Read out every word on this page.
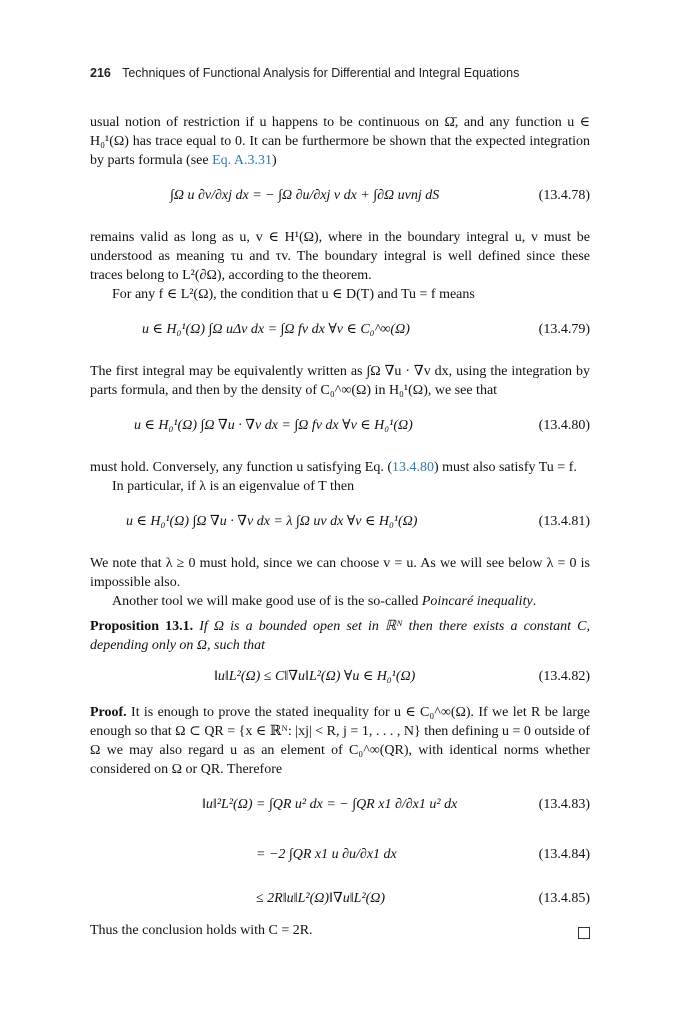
216 Techniques of Functional Analysis for Differential and Integral Equations

usual notion of restriction if u happens to be continuous on Ω̄, and any function u ∈ H₀¹(Ω) has trace equal to 0. It can be furthermore be shown that the expected integration by parts formula (see Eq. A.3.31)

∫Ω u ∂v/∂xj dx = − ∫Ω ∂u/∂xj v dx + ∫∂Ω uvnj dS	(13.4.78)

remains valid as long as u, v ∈ H¹(Ω), where in the boundary integral u, v must be understood as meaning τu and τv. The boundary integral is well defined since these traces belong to L²(∂Ω), according to the theorem.

For any f ∈ L²(Ω), the condition that u ∈ D(T) and Tu = f means

u ∈ H₀¹(Ω) ∫Ω uΔv dx = ∫Ω fv dx ∀v ∈ C₀^∞(Ω)	(13.4.79)

The first integral may be equivalently written as ∫Ω ∇u · ∇v dx, using the integration by parts formula, and then by the density of C₀^∞(Ω) in H₀¹(Ω), we see that

u ∈ H₀¹(Ω) ∫Ω ∇u · ∇v dx = ∫Ω fv dx ∀v ∈ H₀¹(Ω)	(13.4.80)

must hold. Conversely, any function u satisfying Eq. (13.4.80) must also satisfy Tu = f.

In particular, if λ is an eigenvalue of T then

u ∈ H₀¹(Ω) ∫Ω ∇u · ∇v dx = λ ∫Ω uv dx ∀v ∈ H₀¹(Ω)	(13.4.81)

We note that λ ≥ 0 must hold, since we can choose v = u. As we will see below λ = 0 is impossible also.

Another tool we will make good use of is the so-called Poincaré inequality.

Proposition 13.1. If Ω is a bounded open set in ℝᴺ then there exists a constant C, depending only on Ω, such that

‖u‖L²(Ω) ≤ C‖∇u‖L²(Ω) ∀u ∈ H₀¹(Ω)	(13.4.82)

Proof. It is enough to prove the stated inequality for u ∈ C₀^∞(Ω). If we let R be large enough so that Ω ⊂ QR = {x ∈ ℝᴺ: |xj| < R, j = 1, . . . , N} then defining u = 0 outside of Ω we may also regard u as an element of C₀^∞(QR), with identical norms whether considered on Ω or QR. Therefore

‖u‖²L²(Ω) = ∫QR u² dx = − ∫QR x1 ∂/∂x1 u² dx	(13.4.83)
= −2 ∫QR x1 u ∂u/∂x1 dx	(13.4.84)
≤ 2R‖u‖L²(Ω)‖∇u‖L²(Ω)	(13.4.85)

Thus the conclusion holds with C = 2R.
